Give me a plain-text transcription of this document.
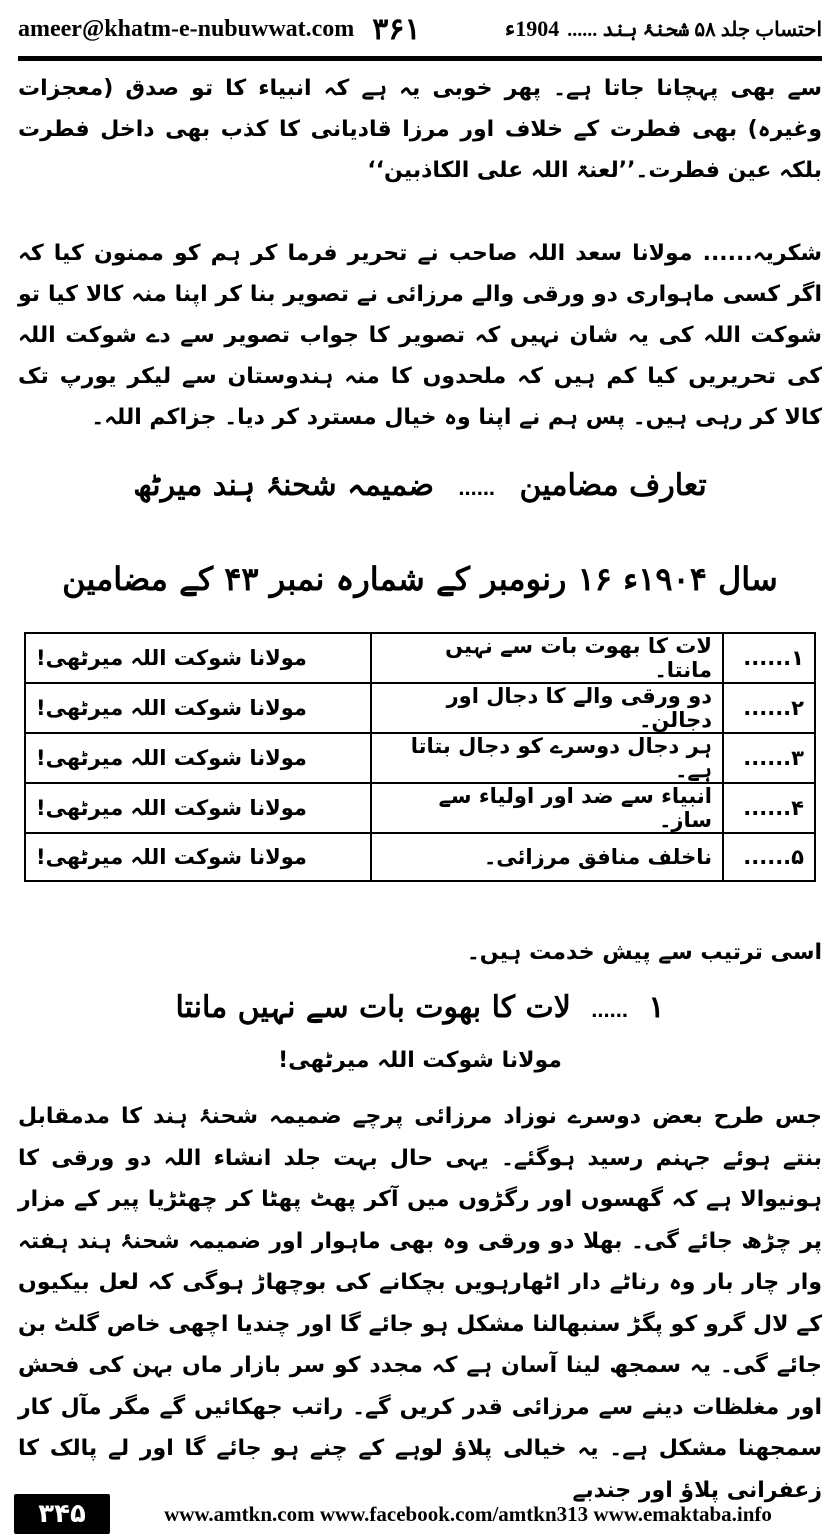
ameer@khatm-e-nubuwwat.com ۳۶۱	احتساب جلد ۵۸ شحنۂ ہند ......
1904ء
سے بھی پہچانا جاتا ہے۔ پھر خوبی یہ ہے کہ انبیاء کا تو صدق (معجزات وغیرہ) بھی فطرت کے خلاف اور مرزا قادیانی کا کذب بھی داخل فطرت بلکہ عین فطرت۔’’لعنۃ اللہ علی الکاذبین‘‘
شکریہ...... مولانا سعد اللہ صاحب نے تحریر فرما کر ہم کو ممنون کیا کہ اگر کسی ماہواری دو ورقی والے مرزائی نے تصویر بنا کر اپنا منہ کالا کیا تو شوکت اللہ کی یہ شان نہیں کہ تصویر کا جواب تصویر سے دے شوکت اللہ کی تحریریں کیا کم ہیں کہ ملحدوں کا منہ ہندوستان سے لیکر یورپ تک کالا کر رہی ہیں۔ پس ہم نے اپنا وہ خیال مسترد کر دیا۔ جزاکم اللہ۔
تعارف مضامین ...... ضمیمہ شحنۂ ہند میرٹھ
سال ۱۹۰۴ء ۱۶ رنومبر کے شمارہ نمبر ۴۳ کے مضامین
۱......	لات کا بھوت بات سے نہیں مانتا۔	مولانا شوکت اللہ میرٹھی!
۲......	دو ورقی والے کا دجال اور دجالن۔	مولانا شوکت اللہ میرٹھی!
۳......	ہر دجال دوسرے کو دجال بتاتا ہے۔	مولانا شوکت اللہ میرٹھی!
۴......	انبیاء سے ضد اور اولیاء سے ساز۔	مولانا شوکت اللہ میرٹھی!
۵......	ناخلف منافق مرزائی۔	مولانا شوکت اللہ میرٹھی!
اسی ترتیب سے پیش خدمت ہیں۔
۱ ...... لات کا بھوت بات سے نہیں مانتا
مولانا شوکت اللہ میرٹھی!
جس طرح بعض دوسرے نوزاد مرزائی پرچے ضمیمہ شحنۂ ہند کا مدمقابل بنتے ہوئے جہنم رسید ہوگئے۔ یہی حال بہت جلد انشاء اللہ دو ورقی کا ہونیوالا ہے کہ گھسوں اور رگڑوں میں آکر پھٹ پھٹا کر چھٹڑیا پیر کے مزار پر چڑھ جائے گی۔ بھلا دو ورقی وہ بھی ماہوار اور ضمیمہ شحنۂ ہند ہفتہ وار چار بار وہ رناٹے دار اٹھارہویں بچکانے کی بوچھاڑ ہوگی کہ لعل بیکیوں کے لال گرو کو پگڑ سنبھالنا مشکل ہو جائے گا اور چندیا اچھی خاص گلٹ بن جائے گی۔ یہ سمجھ لینا آسان ہے کہ مجدد کو سر بازار ماں بہن کی فحش اور مغلظات دینے سے مرزائی قدر کریں گے۔ راتب جھکائیں گے مگر مآل کار سمجھنا مشکل ہے۔ یہ خیالی پلاؤ لوہے کے چنے ہو جائے گا اور لے پالک کا زعفرانی پلاؤ اور جندبے
۳۴۵	www.amtkn.com www.facebook.com/amtkn313 www.emaktaba.info
